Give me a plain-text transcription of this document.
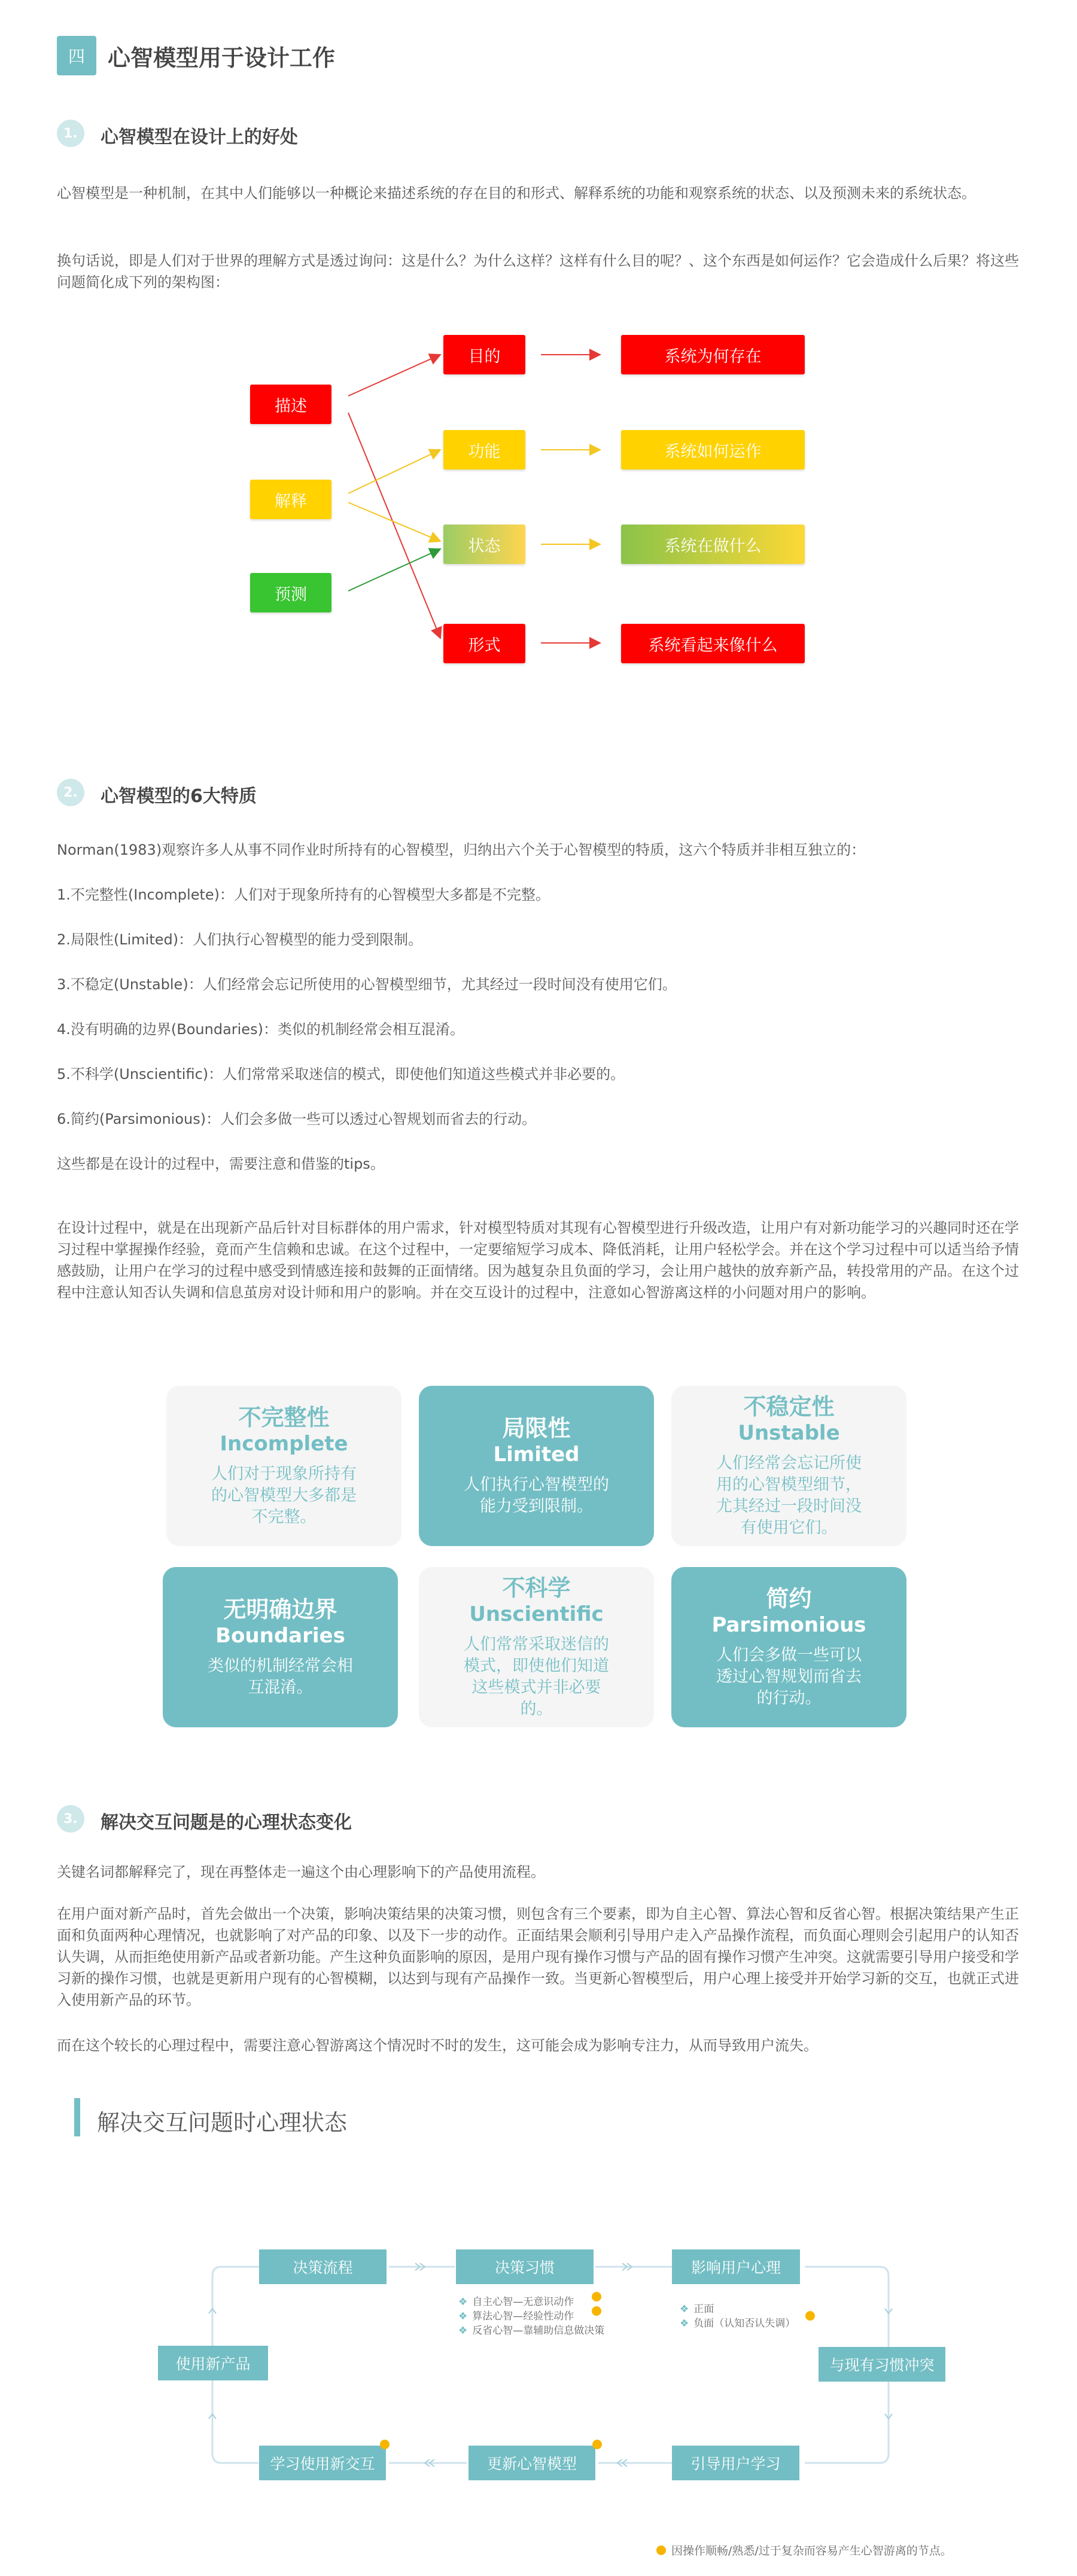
四	心智模型用于设计工作
1.	心智模型在设计上的好处
心智模型是一种机制，在其中人们能够以一种概论来描述系统的存在目的和形式、解释系统的功能和观察系统的状态、以及预测未来的系统状态。
换句话说，即是人们对于世界的理解方式是透过询问：这是什么？为什么这样？这样有什么目的呢？、这个东西是如何运作？它会造成什么后果？将这些问题简化成下列的架构图：
描述
解释
预测
目的
功能
状态
形式
系统为何存在
系统如何运作
系统在做什么
系统看起来像什么
2.	心智模型的6大特质
Norman(1983)观察许多人从事不同作业时所持有的心智模型，归纳出六个关于心智模型的特质，这六个特质并非相互独立的：
1.不完整性(Incomplete)：人们对于现象所持有的心智模型大多都是不完整。
2.局限性(Limited)：人们执行心智模型的能力受到限制。
3.不稳定(Unstable)：人们经常会忘记所使用的心智模型细节，尤其经过一段时间没有使用它们。
4.没有明确的边界(Boundaries)：类似的机制经常会相互混淆。
5.不科学(Unscientific)：人们常常采取迷信的模式，即使他们知道这些模式并非必要的。
6.简约(Parsimonious)：人们会多做一些可以透过心智规划而省去的行动。
这些都是在设计的过程中，需要注意和借鉴的tips。
在设计过程中，就是在出现新产品后针对目标群体的用户需求，针对模型特质对其现有心智模型进行升级改造，让用户有对新功能学习的兴趣同时还在学习过程中掌握操作经验，竟而产生信赖和忠诚。在这个过程中，一定要缩短学习成本、降低消耗，让用户轻松学会。并在这个学习过程中可以适当给予情感鼓励，让用户在学习的过程中感受到情感连接和鼓舞的正面情绪。因为越复杂且负面的学习，会让用户越快的放弃新产品，转投常用的产品。在这个过程中注意认知否认失调和信息茧房对设计师和用户的影响。并在交互设计的过程中，注意如心智游离这样的小问题对用户的影响。
不完整性
Incomplete
人们对于现象所持有的心智模型大多都是不完整。
局限性
Limited
人们执行心智模型的能力受到限制。
不稳定性
Unstable
人们经常会忘记所使用的心智模型细节，尤其经过一段时间没有使用它们。
无明确边界
Boundaries
类似的机制经常会相互混淆。
不科学
Unscientific
人们常常采取迷信的模式，即使他们知道这些模式并非必要的。
简约
Parsimonious
人们会多做一些可以透过心智规划而省去的行动。
3.	解决交互问题是的心理状态变化
关键名词都解释完了，现在再整体走一遍这个由心理影响下的产品使用流程。
在用户面对新产品时，首先会做出一个决策，影响决策结果的决策习惯，则包含有三个要素，即为自主心智、算法心智和反省心智。根据决策结果产生正面和负面两种心理情况，也就影响了对产品的印象、以及下一步的动作。正面结果会顺利引导用户走入产品操作流程，而负面心理则会引起用户的认知否认失调，从而拒绝使用新产品或者新功能。产生这种负面影响的原因，是用户现有操作习惯与产品的固有操作习惯产生冲突。这就需要引导用户接受和学习新的操作习惯，也就是更新用户现有的心智模糊，以达到与现有产品操作一致。当更新心智模型后，用户心理上接受并开始学习新的交互，也就正式进入使用新产品的环节。
而在这个较长的心理过程中，需要注意心智游离这个情况时不时的发生，这可能会成为影响专注力，从而导致用户流失。
解决交互问题时心理状态
决策流程	决策习惯	影响用户心理
使用新产品	与现有习惯冲突
学习使用新交互	更新心智模型	引导用户学习
❖ 自主心智—无意识动作
❖ 算法心智—经验性动作
❖ 反省心智—靠辅助信息做决策
❖ 正面
❖ 负面（认知否认失调）
因操作顺畅/熟悉/过于复杂而容易产生心智游离的节点。
